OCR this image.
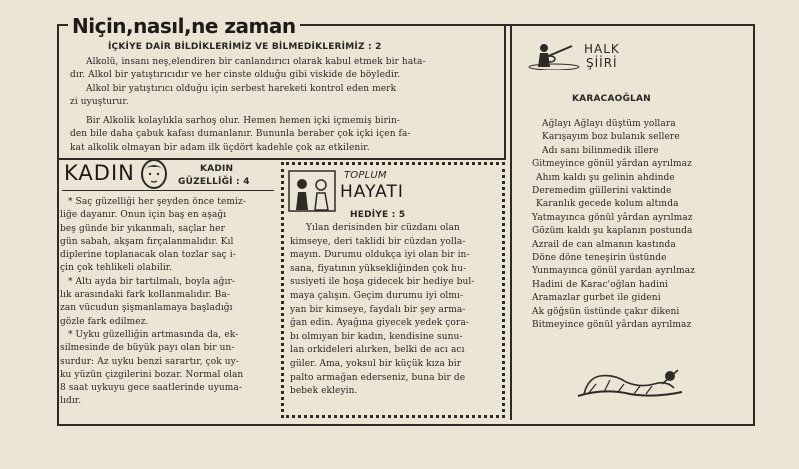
Niçin,nasıl,ne zaman
İÇKİYE DAİR BİLDİKLERİMİZ VE BİLMEDİKLERİMİZ : 2
Alkolü, insanı neş,elendiren bir canlandırıcı olarak kabul etmek bir hata-
dır. Alkol bir yatıştırıcıdır ve her cinste olduğu gibi viskide de böyledir.
Alkol bir yatıştırıcı olduğu için serbest hareketi kontrol eden merk
zi uyuşturur.
Bir Alkolik kolaylıkla sarhoş olur. Hemen hemen içki içmemiş birin-
den bile daha çabuk kafası dumanlanır. Bununla beraber çok içki içen fa-
kat alkolik olmayan bir adam ilk üçdört kadehle çok az etkilenir.
KADIN	KADIN
GÜZELLİĞİ : 4
* Saç güzelliği her şeyden önce temiz-
liğe dayanır. Onun için baş en aşağı
beş günde bir yıkanmalı, saçlar her
gün sabah, akşam fırçalanmalıdır. Kıl
diplerine toplanacak olan tozlar saç i-
çin çok tehlikeli olabilir.
* Altı ayda bir tartılmalı, boyla ağır-
lık arasındaki fark kollanmalıdır. Ba-
zan vücudun şişmanlamaya başladığı
gözle fark edilmez.
* Uyku güzelliğin artmasında da, ek-
silmesinde de büyük payı olan bir un-
surdur: Az uyku benzi sarartır, çok uy-
ku yüzün çizgilerini bozar. Normal olan
8 saat uykuyu gece saatlerinde uyuma-
lıdır.
TOPLUM
HAYATI
HEDİYE : 5
Yılan derisinden bir cüzdanı olan
kimseye, deri taklidi bir cüzdan yolla-
mayın. Durumu oldukça iyi olan bir in-
sana, fiyatının yüksekliğinden çok hu-
susiyeti ile hoşa gidecek bir hediye bul-
maya çalışın. Geçim durumu iyi olmı-
yan bir kimseye, faydalı bir şey arma-
ğan edin. Ayağına giyecek yedek çora-
bı olmıyan bir kadın, kendisine sunu-
lan orkideleri alırken, belki de acı acı
güler. Ama, yoksul bir küçük kıza bir
palto armağan ederseniz, buna bir de
bebek ekleyin.
HALK
ŞİİRİ
KARACAOĞLAN
Ağlayı Ağlayı düştüm yollara
Karışayım boz bulanık sellere
Adı sanı bilinmedik illere
Gitmeyince gönül yârdan ayrılmaz
Ahım kaldı şu gelinin ahdinde
Deremedim güllerini vaktinde
Karanlık gecede kolum altında
Yatmayınca gönül yârdan ayrılmaz
Gözüm kaldı şu kaplanın postunda
Azrail de can almanın kastında
Döne döne teneşirin üstünde
Yunmayınca gönül yardan ayrılmaz
Hadini de Karac'oğlan hadini
Aramazlar gurbet ile gideni
Ak göğsün üstünde çakır dikeni
Bitmeyince gönül yârdan ayrılmaz
